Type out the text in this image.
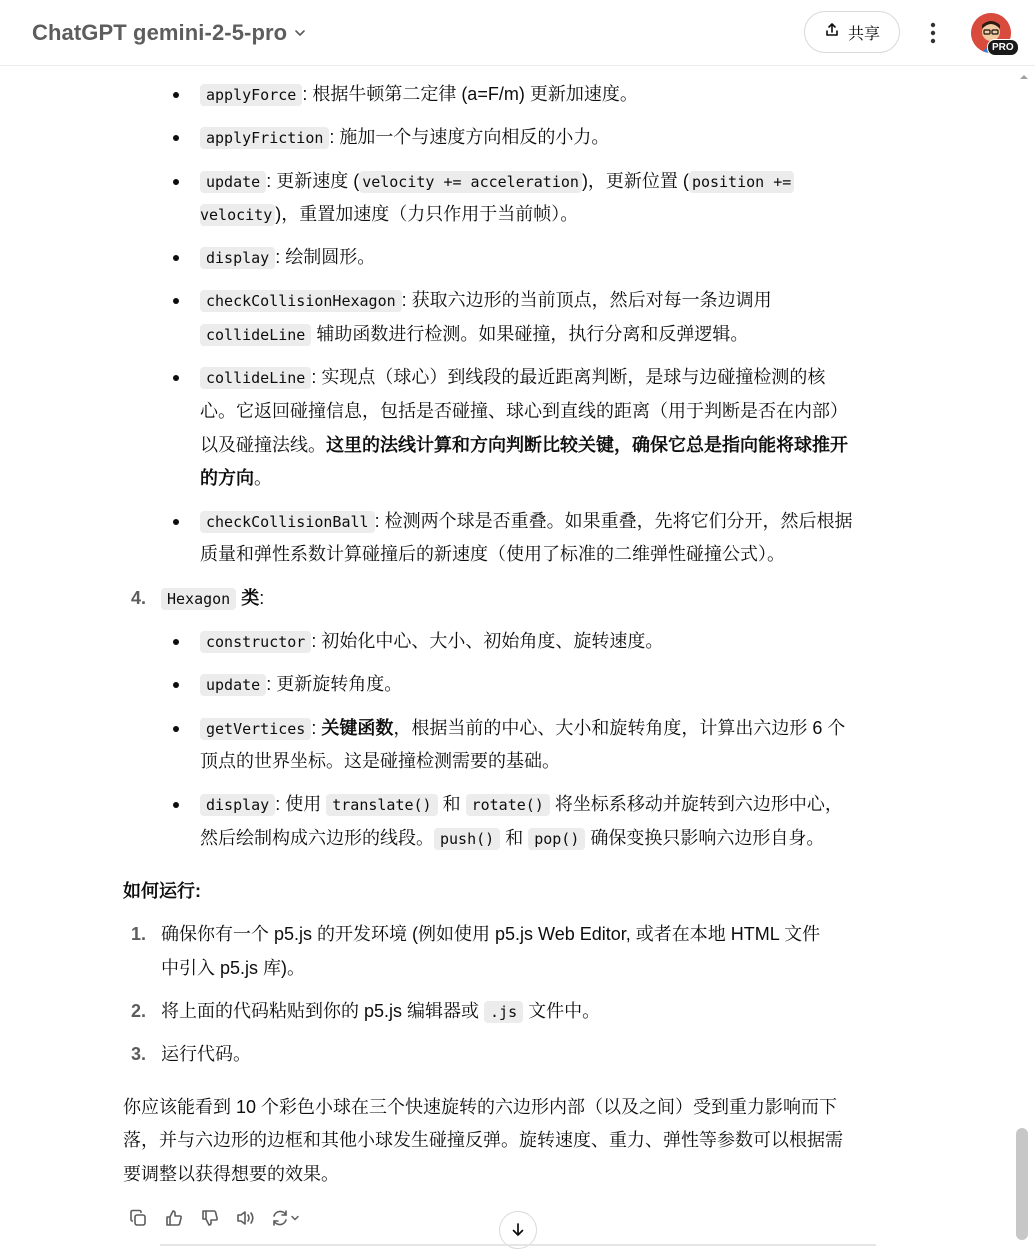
ChatGPT gemini-2-5-pro	共享
PRO
applyForce : 根据牛顿第二定律 (a=F/m) 更新加速度。
applyFriction : 施加一个与速度方向相反的小力。
update : 更新速度 ( velocity += acceleration )，更新位置 ( position +=
velocity )，重置加速度（力只作用于当前帧）。
display : 绘制圆形。
checkCollisionHexagon : 获取六边形的当前顶点，然后对每一条边调用
collideLine 辅助函数进行检测。如果碰撞，执行分离和反弹逻辑。
collideLine : 实现点（球心）到线段的最近距离判断，是球与边碰撞检测的核
心。它返回碰撞信息，包括是否碰撞、球心到直线的距离（用于判断是否在内部）
以及碰撞法线。这里的法线计算和方向判断比较关键，确保它总是指向能将球推开
的方向。
checkCollisionBall : 检测两个球是否重叠。如果重叠，先将它们分开，然后根据
质量和弹性系数计算碰撞后的新速度（使用了标准的二维弹性碰撞公式）。
4.	Hexagon 类:
constructor : 初始化中心、大小、初始角度、旋转速度。
update : 更新旋转角度。
getVertices : 关键函数，根据当前的中心、大小和旋转角度，计算出六边形 6 个
顶点的世界坐标。这是碰撞检测需要的基础。
display : 使用 translate() 和 rotate() 将坐标系移动并旋转到六边形中心，
然后绘制构成六边形的线段。 push() 和 pop() 确保变换只影响六边形自身。
如何运行:
1. 确保你有一个 p5.js 的开发环境 (例如使用 p5.js Web Editor, 或者在本地 HTML 文件
中引入 p5.js 库)。
2. 将上面的代码粘贴到你的 p5.js 编辑器或 .js 文件中。
3. 运行代码。
你应该能看到 10 个彩色小球在三个快速旋转的六边形内部（以及之间）受到重力影响而下
落，并与六边形的边框和其他小球发生碰撞反弹。旋转速度、重力、弹性等参数可以根据需
要调整以获得想要的效果。
